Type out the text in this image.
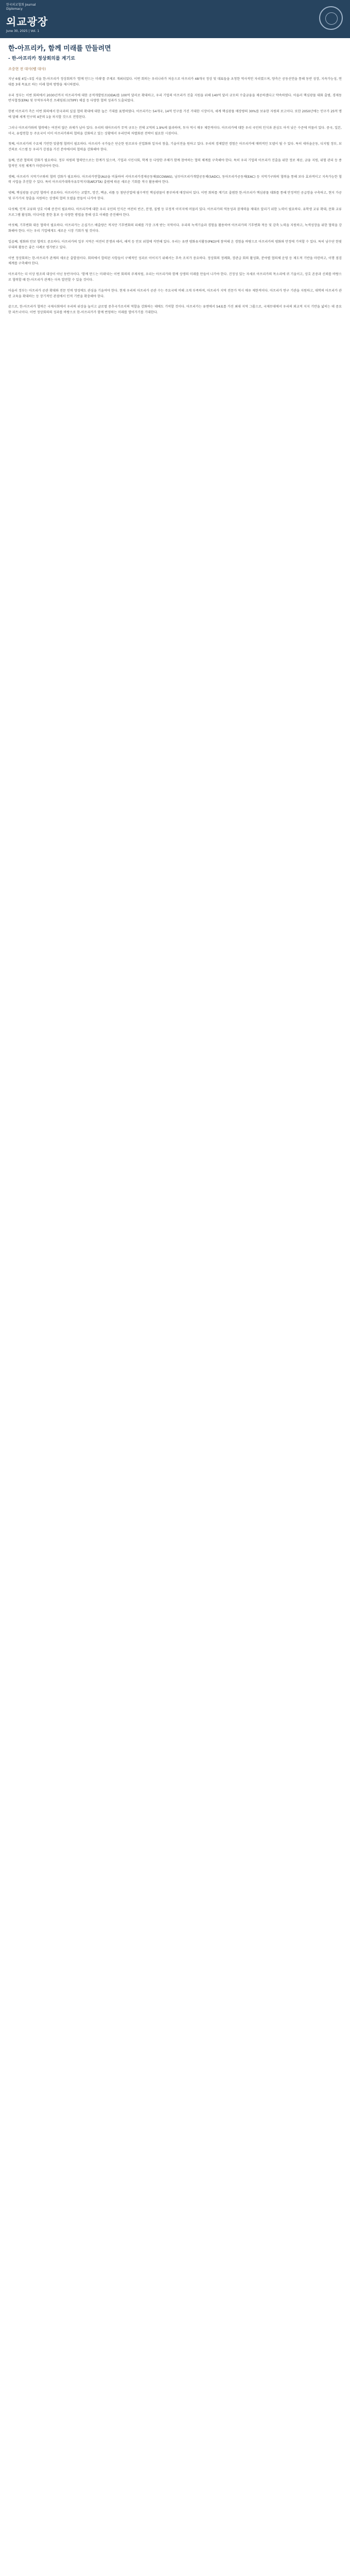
한국외교협회 Journal
Diplomacy
외교광장
June 30, 2025 | Vol. 1
한-아프리카, 함께 미래를 만들려면
- 한-아프리카 정상회의를 계기로
조중현 전 대사(벨 대사)

지난 6월 4일~5일 서울 한-아프리카 정상회의가 '함께 만드는 미래'를 주제로 개최되었다. 이번 회의는 우리나라가 처음으로 아프리카 48개국 정상 및 대표들을 초청한 역사적인 자리였으며, 양측은 공동선언을 통해 동반 성장, 지속가능성, 연대를 3대 목표로 하는 미래 협력 방향을 제시하였다.

우리 정부는 이번 회의에서 2030년까지 아프리카에 대한 공적개발원조(ODA)를 100억 달러로 확대하고, 우리 기업의 아프리카 진출 지원을 위해 140억 달러 규모의 수출금융을 제공하겠다고 약속하였다. 아울러 핵심광물 대화 출범, 경제동반자협정(EPA) 및 무역투자촉진 프레임워크(TIPF) 체결 등 다양한 협력 성과가 도출되었다.

한편 아프리카 측은 이번 회의에서 한국과의 실질 협력 확대에 대한 높은 기대를 표명하였다. 아프리카는 54개국, 14억 인구를 가진 거대한 시장이자, 세계 핵심광물 매장량의 30%를 보유한 자원의 보고이다. 또한 2050년에는 인구가 25억 명에 달해 세계 인구의 4분의 1을 차지할 것으로 전망된다.

그러나 아프리카와의 협력에는 여전히 많은 과제가 남아 있다. 우리의 대아프리카 무역 규모는 전체 교역의 1.9%에 불과하며, 투자 역시 매우 제한적이다. 아프리카에 대한 우리 국민의 인식과 관심도 아직 낮은 수준에 머물러 있다. 중국, 일본, 미국, 유럽연합 등 주요국이 이미 아프리카와의 협력을 강화하고 있는 상황에서 우리만의 차별화된 전략이 필요한 시점이다.

첫째, 아프리카의 수요에 기반한 맞춤형 협력이 필요하다. 아프리카 국가들은 단순한 원조보다 산업화와 일자리 창출, 기술이전을 원하고 있다. 우리의 경제발전 경험은 아프리카에 매력적인 모델이 될 수 있다. 특히 새마을운동, 디지털 정부, 보건의료 시스템 등 우리가 강점을 가진 분야에서의 협력을 강화해야 한다.

둘째, 민관 협력의 강화가 필요하다. 정부 차원의 협력만으로는 한계가 있으며, 기업과 시민사회, 학계 등 다양한 주체가 함께 참여하는 협력 체계를 구축해야 한다. 특히 우리 기업의 아프리카 진출을 위한 정보 제공, 금융 지원, 위험 관리 등 종합적인 지원 체계가 마련되어야 한다.

셋째, 아프리카 지역기구와의 협력 강화가 필요하다. 아프리카연합(AU)을 비롯하여 서아프리카경제공동체(ECOWAS), 남부아프리카개발공동체(SADC), 동아프리카공동체(EAC) 등 지역기구와의 협력을 통해 보다 효과적이고 지속가능한 협력 사업을 추진할 수 있다. 특히 아프리카대륙자유무역지대(AfCFTA) 출범에 따른 새로운 기회를 적극 활용해야 한다.

넷째, 핵심광물 공급망 협력이 중요하다. 아프리카는 코발트, 망간, 백금, 리튬 등 첨단산업에 필수적인 핵심광물이 풍부하게 매장되어 있다. 이번 회의를 계기로 출범한 한-아프리카 핵심광물 대화를 통해 안정적인 공급망을 구축하고, 현지 가공 및 부가가치 창출을 지원하는 상생의 협력 모델을 만들어 나가야 한다.

다섯째, 인적 교류와 상호 이해 증진이 필요하다. 아프리카에 대한 우리 국민의 인식은 여전히 빈곤, 분쟁, 질병 등 부정적 이미지에 머물러 있다. 아프리카의 역동성과 잠재력을 제대로 알리기 위한 노력이 필요하다. 유학생 교류 확대, 문화 교류 프로그램 활성화, 미디어를 통한 홍보 등 다양한 방법을 통해 상호 이해를 증진해야 한다.

여섯째, 기후변화 대응 협력이 필요하다. 아프리카는 온실가스 배출량은 적지만 기후변화의 피해를 가장 크게 받는 지역이다. 우리의 녹색기술과 경험을 활용하여 아프리카의 기후변화 적응 및 감축 노력을 지원하고, 녹색성장을 위한 협력을 강화해야 한다. 이는 우리 기업에게도 새로운 시장 기회가 될 것이다.

일곱째, 평화와 안보 협력도 중요하다. 아프리카의 일부 지역은 여전히 분쟁과 테러, 해적 등 안보 위협에 직면해 있다. 우리는 유엔 평화유지활동(PKO)에 참여해 온 경험을 바탕으로 아프리카의 평화와 안정에 기여할 수 있다. 특히 남수단 한빛부대의 활동은 좋은 사례로 평가받고 있다.

이번 정상회의는 한-아프리카 관계의 새로운 출발점이다. 회의에서 합의된 사항들이 구체적인 성과로 이어지기 위해서는 후속 조치가 중요하다. 정상회의 정례화, 장관급 회의 활성화, 분야별 협의체 운영 등 제도적 기반을 마련하고, 이행 점검 체계를 구축해야 한다.

아프리카는 더 이상 원조의 대상이 아닌 동반자이다. '함께 만드는 미래'라는 이번 회의의 주제처럼, 우리는 아프리카와 함께 상생의 미래를 만들어 나가야 한다. 진정성 있는 자세로 아프리카의 목소리에 귀 기울이고, 상호 존중과 신뢰를 바탕으로 협력할 때 한-아프리카 관계는 더욱 발전할 수 있을 것이다.

아울러 정부는 아프리카 공관 확대와 전문 인력 양성에도 관심을 기울여야 한다. 현재 우리의 아프리카 공관 수는 주요국에 비해 크게 부족하며, 아프리카 지역 전문가 역시 매우 제한적이다. 아프리카 연구 기관을 지원하고, 대학의 아프리카 관련 교육을 확대하는 등 장기적인 관점에서 인적 기반을 확충해야 한다.

끝으로, 한-아프리카 협력은 국제사회에서 우리의 위상을 높이고 글로벌 중추국가로서의 역할을 강화하는 데에도 기여할 것이다. 아프리카는 유엔에서 54표를 가진 최대 지역 그룹으로, 국제무대에서 우리의 외교적 지지 기반을 넓히는 데 중요한 파트너이다. 이번 정상회의의 성과를 바탕으로 한-아프리카가 함께 번영하는 미래를 열어가기를 기대한다.
